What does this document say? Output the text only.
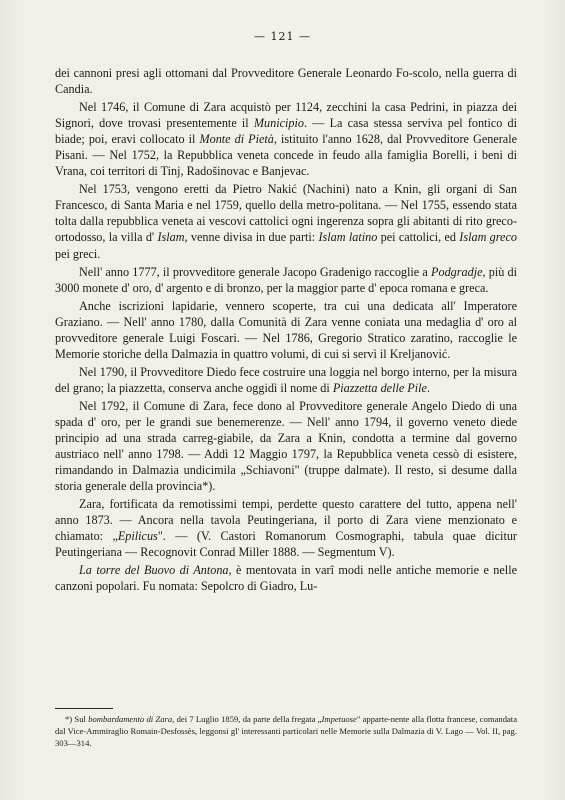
— 121 —

dei cannoni presi agli ottomani dal Provveditore Generale Leonardo Fo-scolo, nella guerra di Candia.

Nel 1746, il Comune di Zara acquistò per 1124, zecchini la casa Pedrini, in piazza dei Signori, dove trovasi presentemente il Municipio. — La casa stessa serviva pel fontico di biade; poi, eravi collocato il Monte di Pietà, istituito l'anno 1628, dal Provveditore Generale Pisani. — Nel 1752, la Repubblica veneta concede in feudo alla famiglia Borelli, i beni di Vrana, coi territori di Tinj, Radošinovac e Banjevac.

Nel 1753, vengono eretti da Pietro Nakić (Nachini) nato a Knin, gli organi di San Francesco, di Santa Maria e nel 1759, quello della metro-politana. — Nel 1755, essendo stata tolta dalla repubblica veneta ai vescovi cattolici ogni ingerenza sopra gli abitanti di rito greco-ortodosso, la villa d' Islam, venne divisa in due parti: Islam latino pei cattolici, ed Islam greco pei greci.

Nell' anno 1777, il provveditore generale Jacopo Gradenigo raccoglie a Podgradje, più di 3000 monete d' oro, d' argento e di bronzo, per la maggior parte d' epoca romana e greca.

Anche iscrizioni lapidarie, vennero scoperte, tra cui una dedicata all' Imperatore Graziano. — Nell' anno 1780, dalla Comunità di Zara venne coniata una medaglia d' oro al provveditore generale Luigi Foscari. — Nel 1786, Gregorio Stratico zaratino, raccoglie le Memorie storiche della Dalmazia in quattro volumi, di cui si servì il Kreljanović.

Nel 1790, il Provveditore Diedo fece costruire una loggia nel borgo interno, per la misura del grano; la piazzetta, conserva anche oggidì il nome di Piazzetta delle Pile.

Nel 1792, il Comune di Zara, fece dono al Provveditore generale Angelo Diedo di una spada d' oro, per le grandi sue benemerenze. — Nell' anno 1794, il governo veneto diede principio ad una strada carreg-giabile, da Zara a Knin, condotta a termine dal governo austriaco nell' anno 1798. — Addì 12 Maggio 1797, la Repubblica veneta cessò di esistere, rimandando in Dalmazia undicimila „Schiavoni" (truppe dalmate). Il resto, si desume dalla storia generale della provincia*).

Zara, fortificata da remotissimi tempi, perdette questo carattere del tutto, appena nell' anno 1873. — Ancora nella tavola Peutingeriana, il porto di Zara viene menzionato e chiamato: „Epilicus". — (V. Castori Romanorum Cosmographi, tabula quae dicitur Peutingeriana — Recognovit Conrad Miller 1888. — Segmentum V).

La torre del Buovo di Antona, è mentovata in varî modi nelle antiche memorie e nelle canzoni popolari. Fu nomata: Sepolcro di Giadro, Lu-

*) Sul bombardamento di Zara, dei 7 Luglio 1859, da parte della fregata „Impetuose" apparte-nente alla flotta francese, comandata dal Vice-Ammiraglio Romain-Desfossès, leggonsi gl' interessanti particolari nelle Memorie sulla Dalmazia di V. Lago — Vol. II, pag. 303—314.
